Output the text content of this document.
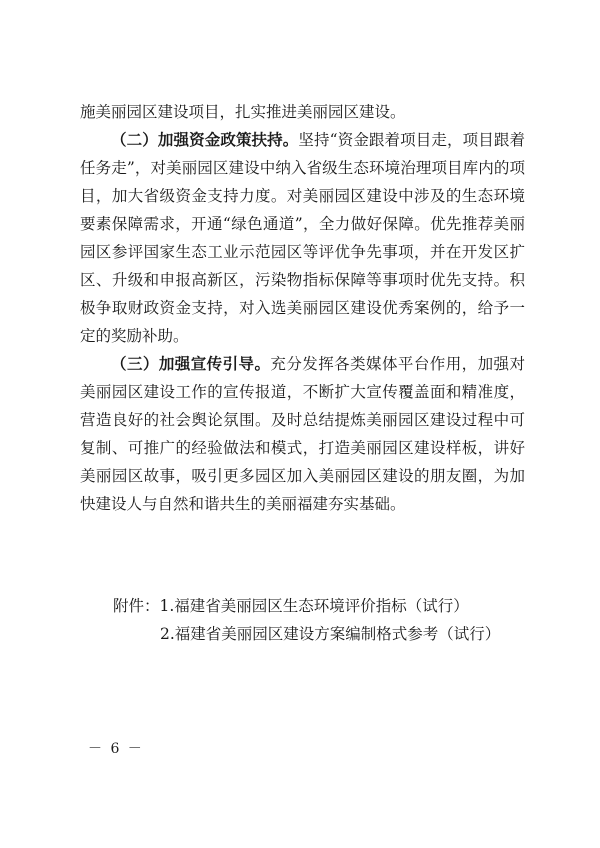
施美丽园区建设项目，扎实推进美丽园区建设。

（二）加强资金政策扶持。坚持“资金跟着项目走，项目跟着任务走”，对美丽园区建设中纳入省级生态环境治理项目库内的项目，加大省级资金支持力度。对美丽园区建设中涉及的生态环境要素保障需求，开通“绿色通道”，全力做好保障。优先推荐美丽园区参评国家生态工业示范园区等评优争先事项，并在开发区扩区、升级和申报高新区，污染物指标保障等事项时优先支持。积极争取财政资金支持，对入选美丽园区建设优秀案例的，给予一定的奖励补助。

（三）加强宣传引导。充分发挥各类媒体平台作用，加强对美丽园区建设工作的宣传报道，不断扩大宣传覆盖面和精准度，营造良好的社会舆论氛围。及时总结提炼美丽园区建设过程中可复制、可推广的经验做法和模式，打造美丽园区建设样板，讲好美丽园区故事，吸引更多园区加入美丽园区建设的朋友圈，为加快建设人与自然和谐共生的美丽福建夯实基础。

附件：1.福建省美丽园区生态环境评价指标（试行）
2.福建省美丽园区建设方案编制格式参考（试行）
－ 6 －
